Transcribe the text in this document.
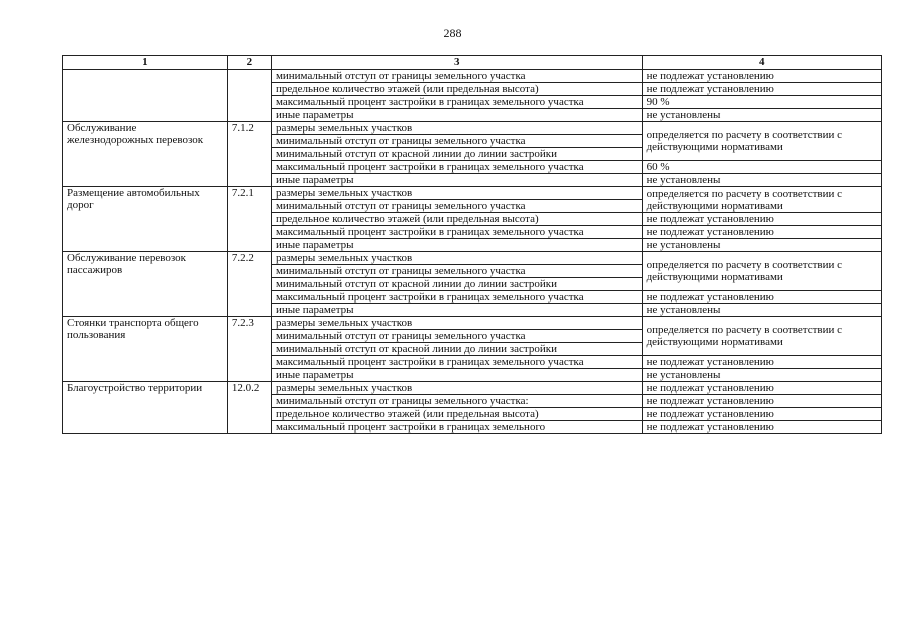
288
1	2	3	4
		минимальный отступ от границы земельного участка	не подлежат установлению
		предельное количество этажей (или предельная высота)	не подлежат установлению
		максимальный процент застройки в границах земельного участка	90 %
		иные параметры	не установлены
Обслуживание железнодорожных перевозок	7.1.2	размеры земельных участков	определяется по расчету в соответствии с действующими нормативами
		минимальный отступ от границы земельного участка	
		минимальный отступ от красной линии до линии застройки	
		максимальный процент застройки в границах земельного участка	60 %
		иные параметры	не установлены
Размещение автомобильных дорог	7.2.1	размеры земельных участков	определяется по расчету в соответствии с действующими нормативами
		минимальный отступ от границы земельного участка	
		предельное количество этажей (или предельная высота)	не подлежат установлению
		максимальный процент застройки в границах земельного участка	не подлежат установлению
		иные параметры	не установлены
Обслуживание перевозок пассажиров	7.2.2	размеры земельных участков	определяется по расчету в соответствии с действующими нормативами
		минимальный отступ от границы земельного участка	
		минимальный отступ от красной линии до линии застройки	
		максимальный процент застройки в границах земельного участка	не подлежат установлению
		иные параметры	не установлены
Стоянки транспорта общего пользования	7.2.3	размеры земельных участков	определяется по расчету в соответствии с действующими нормативами
		минимальный отступ от границы земельного участка	
		минимальный отступ от красной линии до линии застройки	
		максимальный процент застройки в границах земельного участка	не подлежат установлению
		иные параметры	не установлены
Благоустройство территории	12.0.2	размеры земельных участков	не подлежат установлению
		минимальный отступ от границы земельного участка:	не подлежат установлению
		предельное количество этажей (или предельная высота)	не подлежат установлению
		максимальный процент застройки в границах земельного	не подлежат установлению
